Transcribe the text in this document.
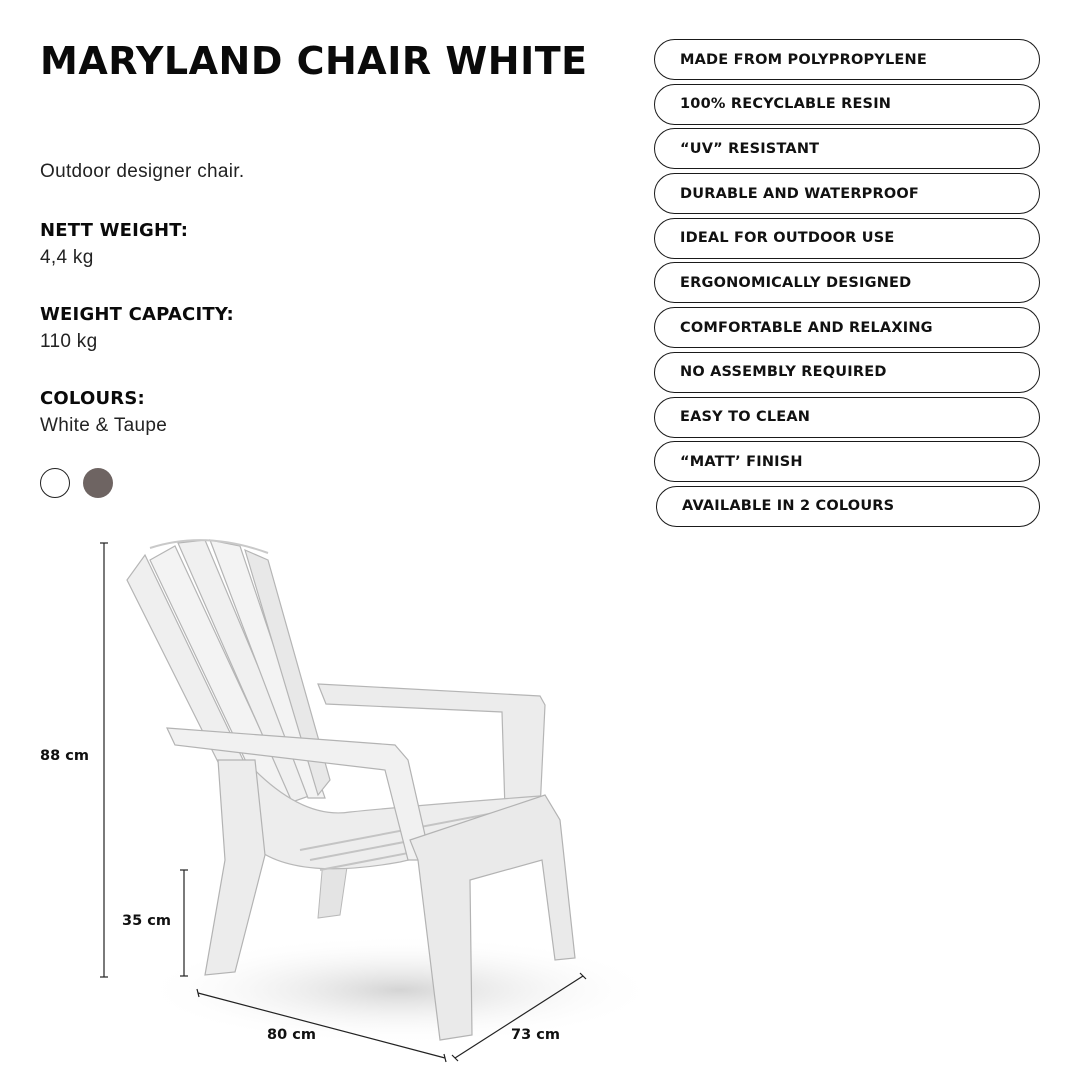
MARYLAND CHAIR WHITE
Outdoor designer chair.
NETT WEIGHT:
4,4 kg
WEIGHT CAPACITY:
110 kg
COLOURS:
White & Taupe
MADE FROM POLYPROPYLENE
100% RECYCLABLE RESIN
“UV” RESISTANT
DURABLE AND WATERPROOF
IDEAL FOR OUTDOOR USE
ERGONOMICALLY DESIGNED
COMFORTABLE AND RELAXING
NO ASSEMBLY REQUIRED
EASY TO CLEAN
“MATT’ FINISH
AVAILABLE IN 2 COLOURS
88 cm
35 cm
80 cm	73 cm
